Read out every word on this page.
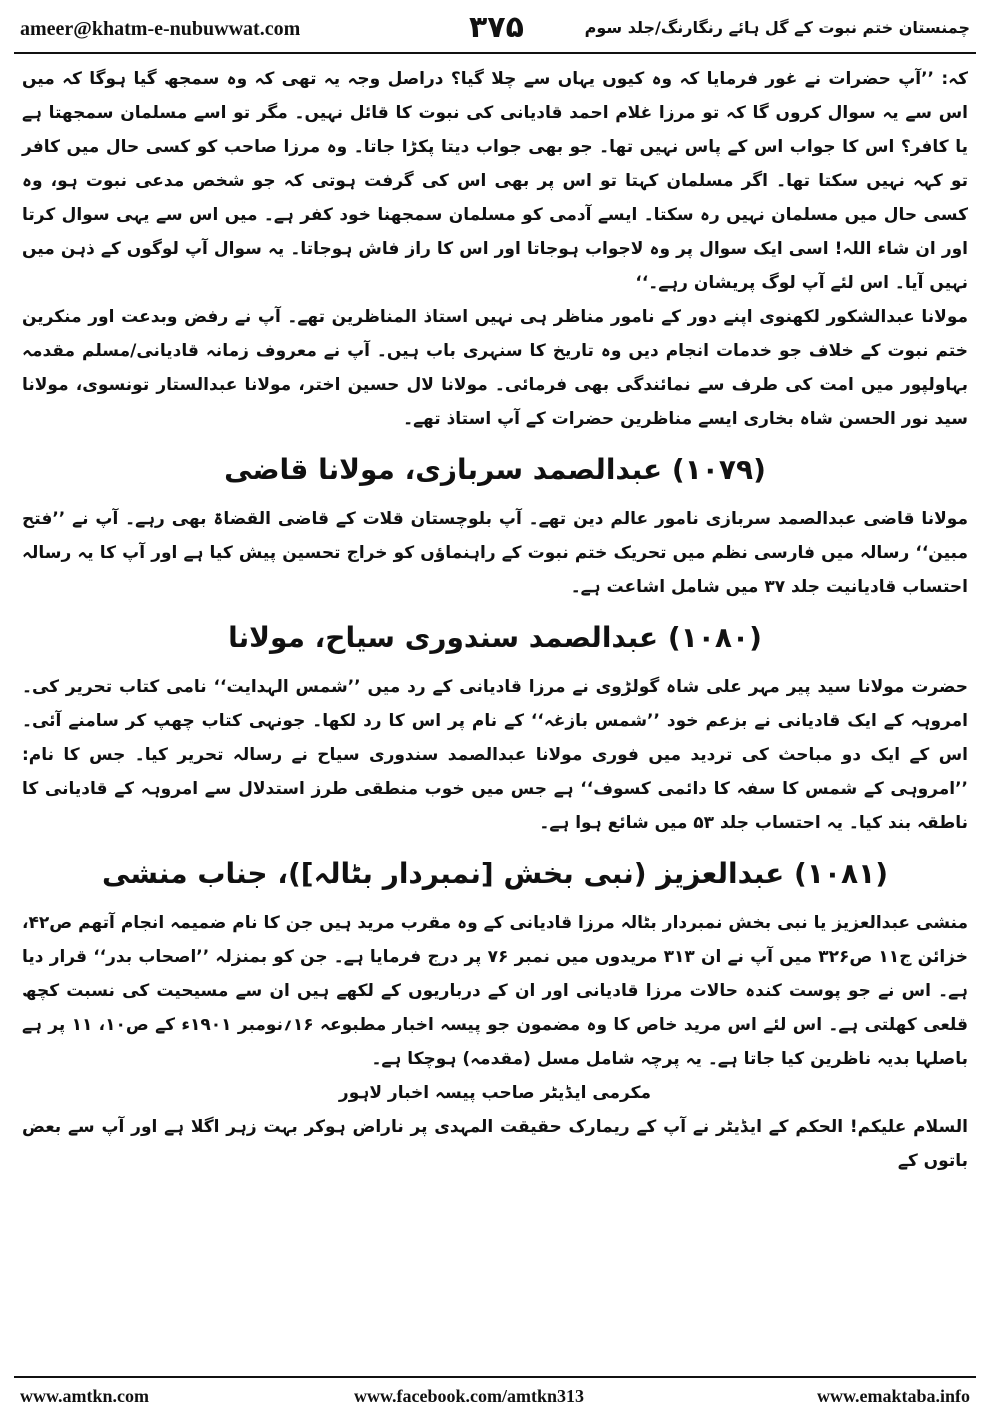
ameer@khatm-e-nubuwwat.com	۳۷۵	چمنستان ختم نبوت کے گل ہائے رنگارنگ/جلد سوم

کہ: ’’آپ حضرات نے غور فرمایا کہ وہ کیوں یہاں سے چلا گیا؟ دراصل وجہ یہ تھی کہ وہ سمجھ گیا ہوگا کہ میں اس سے یہ سوال کروں گا کہ تو مرزا غلام احمد قادیانی کی نبوت کا قائل نہیں۔ مگر تو اسے مسلمان سمجھتا ہے یا کافر؟ اس کا جواب اس کے پاس نہیں تھا۔ جو بھی جواب دیتا پکڑا جاتا۔ وہ مرزا صاحب کو کسی حال میں کافر تو کہہ نہیں سکتا تھا۔ اگر مسلمان کہتا تو اس پر بھی اس کی گرفت ہوتی کہ جو شخص مدعی نبوت ہو، وہ کسی حال میں مسلمان نہیں رہ سکتا۔ ایسے آدمی کو مسلمان سمجھنا خود کفر ہے۔ میں اس سے یہی سوال کرتا اور ان شاء اللہ! اسی ایک سوال پر وہ لاجواب ہوجاتا اور اس کا راز فاش ہوجاتا۔ یہ سوال آپ لوگوں کے ذہن میں نہیں آیا۔ اس لئے آپ لوگ پریشان رہے۔‘‘

مولانا عبدالشکور لکھنوی اپنے دور کے نامور مناظر ہی نہیں استاذ المناظرین تھے۔ آپ نے رفض وبدعت اور منکرین ختم نبوت کے خلاف جو خدمات انجام دیں وہ تاریخ کا سنہری باب ہیں۔ آپ نے معروف زمانہ قادیانی/مسلم مقدمہ بہاولپور میں امت کی طرف سے نمائندگی بھی فرمائی۔ مولانا لال حسین اختر، مولانا عبدالستار تونسوی، مولانا سید نور الحسن شاہ بخاری ایسے مناظرین حضرات کے آپ استاذ تھے۔

(۱۰۷۹) عبدالصمد سربازی، مولانا قاضی

مولانا قاضی عبدالصمد سربازی نامور عالم دین تھے۔ آپ بلوچستان قلات کے قاضی القضاۃ بھی رہے۔ آپ نے ’’فتح مبین‘‘ رسالہ میں فارسی نظم میں تحریک ختم نبوت کے راہنماؤں کو خراج تحسین پیش کیا ہے اور آپ کا یہ رسالہ احتساب قادیانیت جلد ۳۷ میں شامل اشاعت ہے۔

(۱۰۸۰) عبدالصمد سندوری سیاح، مولانا

حضرت مولانا سید پیر مہر علی شاہ گولڑوی نے مرزا قادیانی کے رد میں ’’شمس الہدایت‘‘ نامی کتاب تحریر کی۔ امروہہ کے ایک قادیانی نے بزعم خود ’’شمس بازغہ‘‘ کے نام پر اس کا رد لکھا۔ جونہی کتاب چھپ کر سامنے آئی۔ اس کے ایک دو مباحث کی تردید میں فوری مولانا عبدالصمد سندوری سیاح نے رسالہ تحریر کیا۔ جس کا نام: ’’امروہی کے شمس کا سفہ کا دائمی کسوف‘‘ ہے جس میں خوب منطقی طرز استدلال سے امروہہ کے قادیانی کا ناطقہ بند کیا۔ یہ احتساب جلد ۵۳ میں شائع ہوا ہے۔

(۱۰۸۱) عبدالعزیز (نبی بخش [نمبردار بٹالہ])، جناب منشی

منشی عبدالعزیز یا نبی بخش نمبردار بٹالہ مرزا قادیانی کے وہ مقرب مرید ہیں جن کا نام ضمیمہ انجام آتھم ص۴۲، خزائن ج۱۱ ص۳۲۶ میں آپ نے ان ۳۱۳ مریدوں میں نمبر ۷۶ پر درج فرمایا ہے۔ جن کو بمنزلہ ’’اصحاب بدر‘‘ قرار دیا ہے۔ اس نے جو پوست کندہ حالات مرزا قادیانی اور ان کے درباریوں کے لکھے ہیں ان سے مسیحیت کی نسبت کچھ قلعی کھلتی ہے۔ اس لئے اس مرید خاص کا وہ مضمون جو پیسہ اخبار مطبوعہ ۱۶؍نومبر ۱۹۰۱ء کے ص۱۰، ۱۱ پر ہے باصلہا بدیہ ناظرین کیا جاتا ہے۔ یہ پرچہ شامل مسل (مقدمہ) ہوچکا ہے۔

مکرمی ایڈیٹر صاحب پیسہ اخبار لاہور

السلام علیکم! الحکم کے ایڈیٹر نے آپ کے ریمارک حقیقت المہدی پر ناراض ہوکر بہت زہر اگلا ہے اور آپ سے بعض باتوں کے

www.amtkn.com	www.facebook.com/amtkn313	www.emaktaba.info
